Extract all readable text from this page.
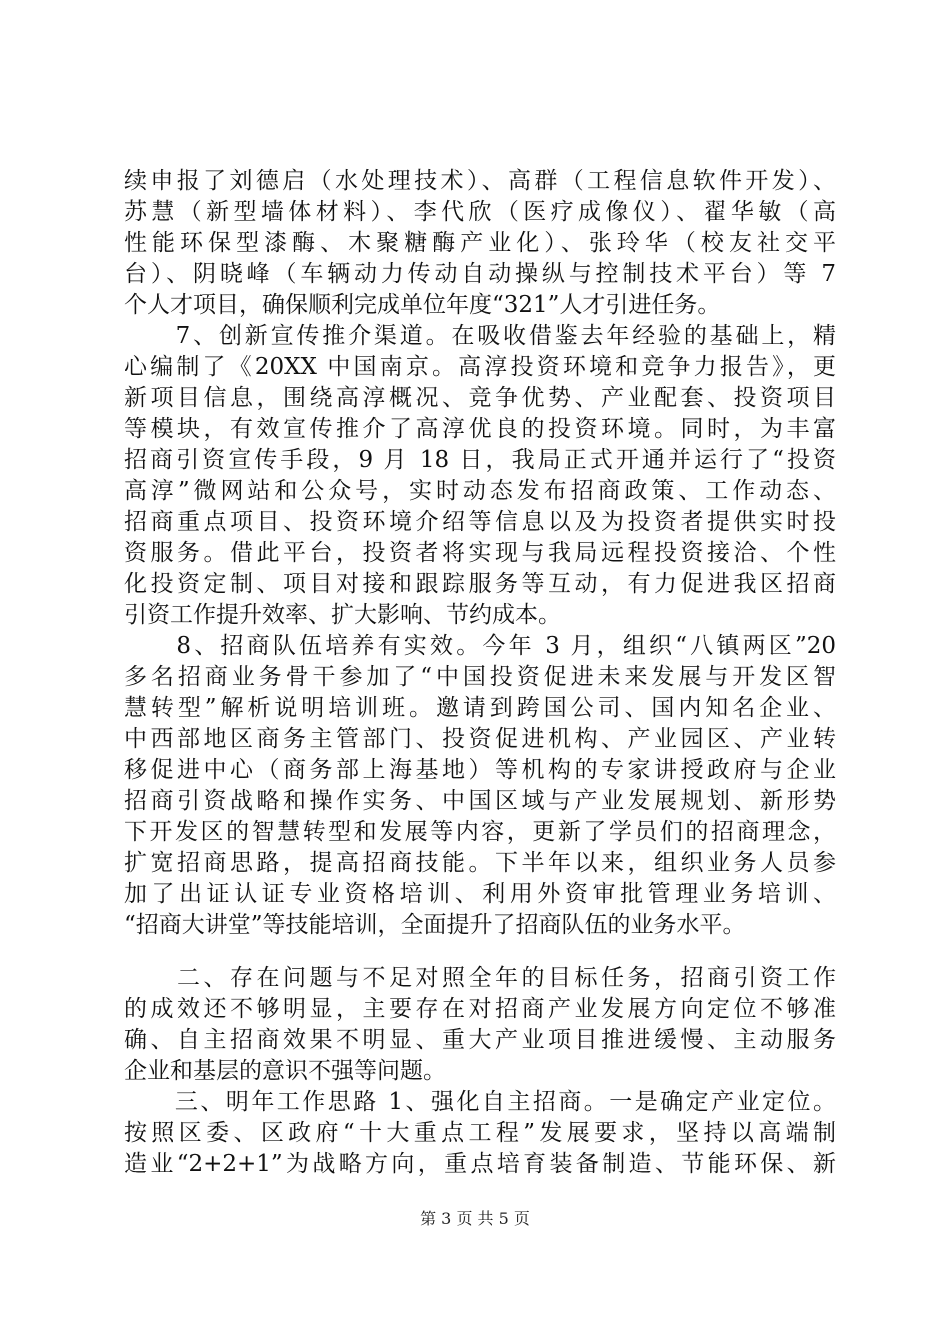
续申报了刘德启（水处理技术）、高群（工程信息软件开发）、
苏慧（新型墙体材料）、李代欣（医疗成像仪）、翟华敏（高
性能环保型漆酶、木聚糖酶产业化）、张玲华（校友社交平
台）、阴晓峰（车辆动力传动自动操纵与控制技术平台）等 7
个人才项目，确保顺利完成单位年度“321”人才引进任务。
　　7、创新宣传推介渠道。在吸收借鉴去年经验的基础上，精
心编制了《20XX 中国南京。高淳投资环境和竞争力报告》，更
新项目信息，围绕高淳概况、竞争优势、产业配套、投资项目
等模块，有效宣传推介了高淳优良的投资环境。同时，为丰富
招商引资宣传手段，9 月 18 日，我局正式开通并运行了“投资
高淳”微网站和公众号，实时动态发布招商政策、工作动态、
招商重点项目、投资环境介绍等信息以及为投资者提供实时投
资服务。借此平台，投资者将实现与我局远程投资接洽、个性
化投资定制、项目对接和跟踪服务等互动，有力促进我区招商
引资工作提升效率、扩大影响、节约成本。
　　8、招商队伍培养有实效。今年 3 月，组织“八镇两区”20
多名招商业务骨干参加了“中国投资促进未来发展与开发区智
慧转型”解析说明培训班。邀请到跨国公司、国内知名企业、
中西部地区商务主管部门、投资促进机构、产业园区、产业转
移促进中心（商务部上海基地）等机构的专家讲授政府与企业
招商引资战略和操作实务、中国区域与产业发展规划、新形势
下开发区的智慧转型和发展等内容，更新了学员们的招商理念，
扩宽招商思路，提高招商技能。下半年以来，组织业务人员参
加了出证认证专业资格培训、利用外资审批管理业务培训、
“招商大讲堂”等技能培训，全面提升了招商队伍的业务水平。
　　二、存在问题与不足对照全年的目标任务，招商引资工作
的成效还不够明显，主要存在对招商产业发展方向定位不够准
确、自主招商效果不明显、重大产业项目推进缓慢、主动服务
企业和基层的意识不强等问题。
　　三、明年工作思路 1、强化自主招商。一是确定产业定位。
按照区委、区政府“十大重点工程”发展要求，坚持以高端制
造业“2+2+1”为战略方向，重点培育装备制造、节能环保、新
第 3 页 共 5 页
